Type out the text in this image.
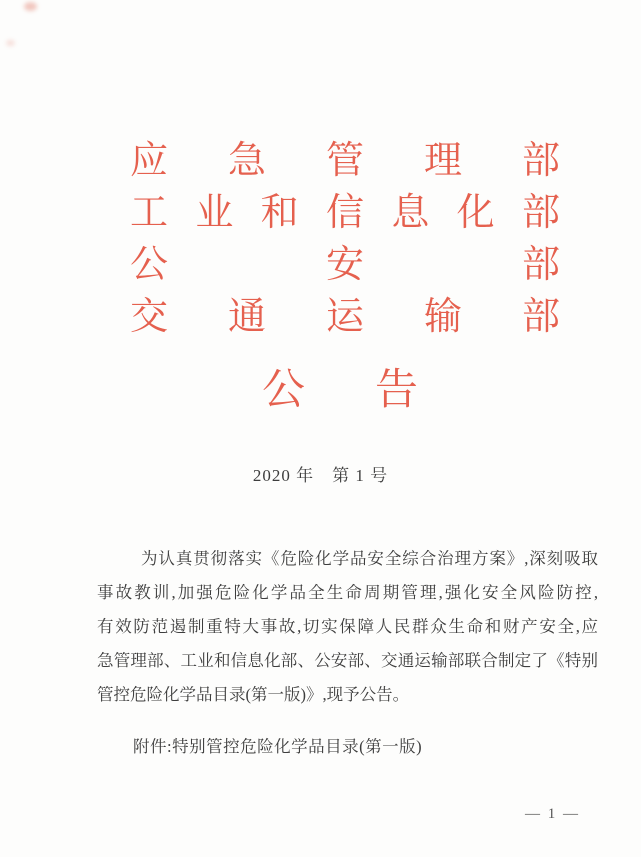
应 急 管 理 部
工 业 和 信 息 化 部
公	安	部
交 通 运 输 部
公 告
2020 年　第 1 号

为认真贯彻落实《危险化学品安全综合治理方案》,深刻吸取

事故教训,加强危险化学品全生命周期管理,强化安全风险防控,

有效防范遏制重特大事故,切实保障人民群众生命和财产安全,应

急管理部、工业和信息化部、公安部、交通运输部联合制定了《特别

管控危险化学品目录(第一版)》,现予公告。

附件:特别管控危险化学品目录(第一版)

— 1 —
